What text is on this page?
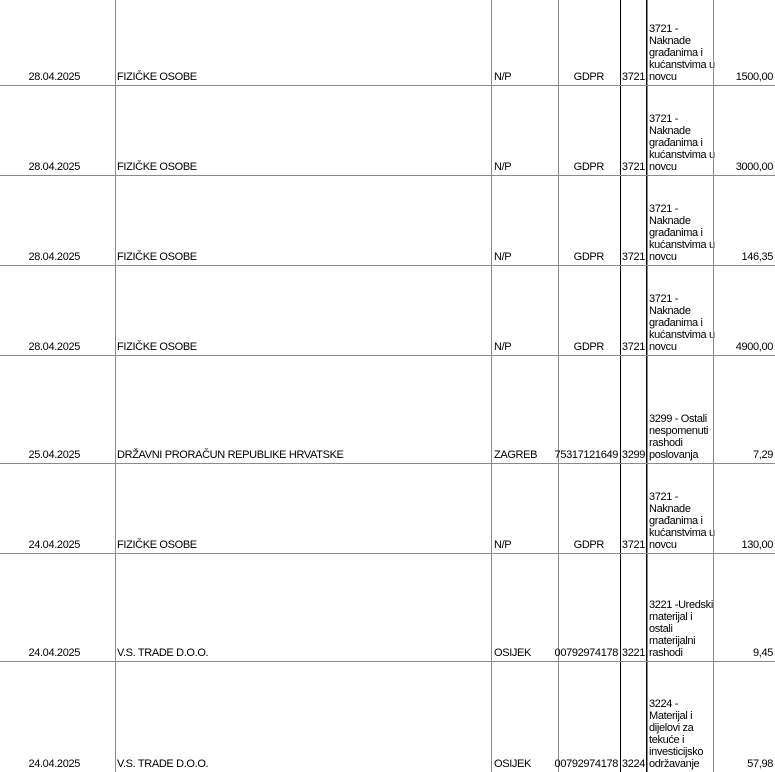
28.04.2025	FIZIČKE OSOBE	N/P	GDPR 3721
3721 -
Naknade
građanima i
kućanstvima u
novcu	1500,00
28.04.2025	FIZIČKE OSOBE	N/P	GDPR 3721
3721 -
Naknade
građanima i
kućanstvima u
novcu	3000,00
28.04.2025	FIZIČKE OSOBE	N/P	GDPR 3721
3721 -
Naknade
građanima i
kućanstvima u
novcu	146,35
28.04.2025	FIZIČKE OSOBE	N/P	GDPR 3721
3721 -
Naknade
građanima i
kućanstvima u
novcu	4900,00
25.04.2025	DRŽAVNI PRORAČUN REPUBLIKE HRVATSKE	ZAGREB 75317121649 3299
3299 - Ostali
nespomenuti
rashodi
poslovanja	7,29
24.04.2025	FIZIČKE OSOBE	N/P	GDPR 3721
3721 -
Naknade
građanima i
kućanstvima u
novcu	130,00
24.04.2025	V.S. TRADE D.O.O.	OSIJEK 00792974178 3221
3221 -Uredski
materijal i
ostali
materijalni
rashodi	9,45
24.04.2025	V.S. TRADE D.O.O.	OSIJEK 00792974178 3224
3224 -
Materijal i
dijelovi za
tekuće i
investicijsko
održavanje	57,98
